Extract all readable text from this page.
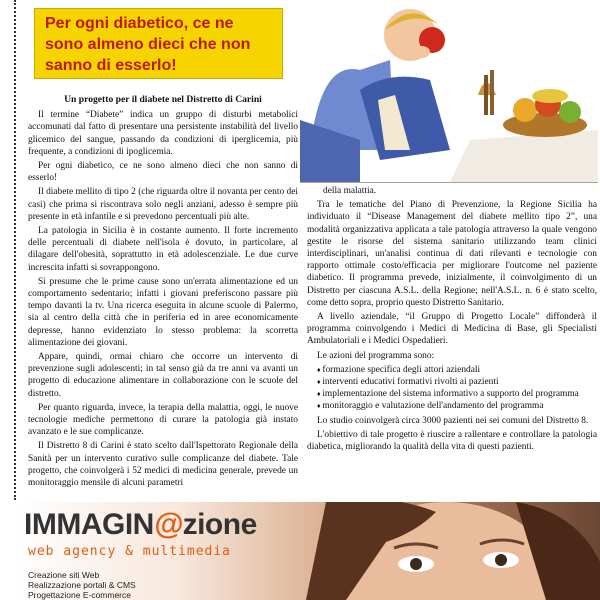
Per ogni diabetico, ce ne sono almeno dieci che non sanno di esserlo!
Un progetto per il diabete nel Distretto di Carini

Il termine “Diabete” indica un gruppo di disturbi metabolici accomunati dal fatto di presentare una persistente instabilità del livello glicemico del sangue, passando da condizioni di iperglicemia, più frequente, a condizioni di ipoglicemia.

Per ogni diabetico, ce ne sono almeno dieci che non sanno di esserlo!

Il diabete mellito di tipo 2 (che riguarda oltre il novanta per cento dei casi) che prima si riscontrava solo negli anziani, adesso è sempre più presente in età infantile e si prevedono percentuali più alte.

La patologia in Sicilia è in costante aumento. Il forte incremento delle percentuali di diabete nell'isola è dovuto, in particolare, al dilagare dell'obesità, soprattutto in età adolescenziale. Le due curve increscita infatti si sovrappongono.

Si presume che le prime cause sono un'errata alimentazione ed un comportamento sedentario; infatti i giovani preferiscono passare più tempo davanti la tv. Una ricerca eseguita in alcune scuole di Palermo, sia al centro della città che in periferia ed in aree economicamente depresse, hanno evidenziato lo stesso problema: la scorretta alimentazione dei giovani.

Appare, quindi, ormai chiaro che occorre un intervento di prevenzione sugli adolescenti; in tal senso già da tre anni va avanti un progetto di educazione alimentare in collaborazione con le scuole del distretto.

Per quanto riguarda, invece, la terapia della malattia, oggi, le nuove tecnologie mediche permettono di curare la patologia già instato avanzato e le sue complicanze.

Il Distretto 8 di Carini è stato scelto dall'Ispettorato Regionale della Sanità per un intervento curativo sulle complicanze del diabete. Tale progetto, che coinvolgerà i 52 medici di medicina generale, prevede un monitoraggio mensile di alcuni parametri

della malattia.

Tra le tematiche del Piano di Prevenzione, la Regione Sicilia ha individuato il “Disease Management del diabete mellito tipo 2”, una modalità organizzativa applicata a tale patologia attraverso la quale vengono gestite le risorse del sistema sanitario utilizzando team clinici interdisciplinari, un'analisi continua di dati rilevanti e tecnologie con rapporto ottimale costo/efficacia per migliorare l'outcome nel paziente diabetico. Il programma prevede, inizialmente, il coinvolgimento di un Distretto per ciascuna A.S.L. della Regione; nell'A.S.L. n. 6 è stato scelto, come detto sopra, proprio questo Distretto Sanitario.

A livello aziendale, “il Gruppo di Progetto Locale” diffonderà il programma coinvolgendo i Medici di Medicina di Base, gli Specialisti Ambulatoriali e i Medici Ospedalieri.

Le azioni del programma sono:

♦ formazione specifica degli attori aziendali
♦ interventi educativi formativi rivolti ai pazienti
♦ implementazione del sistema informativo a supporto del programma
♦ monitoraggio e valutazione dell'andamento del programma

Lo studio coinvolgerà circa 3000 pazienti nei sei comuni del Distretto 8.

L'obiettivo di tale progetto è riuscire a rallentare e controllare la patologia diabetica, migliorando la qualità della vita di questi pazienti.

IMMAGIN@zione
web agency & multimedia
Creazione siti Web
Realizzazione portali & CMS
Progettazione E-commerce
